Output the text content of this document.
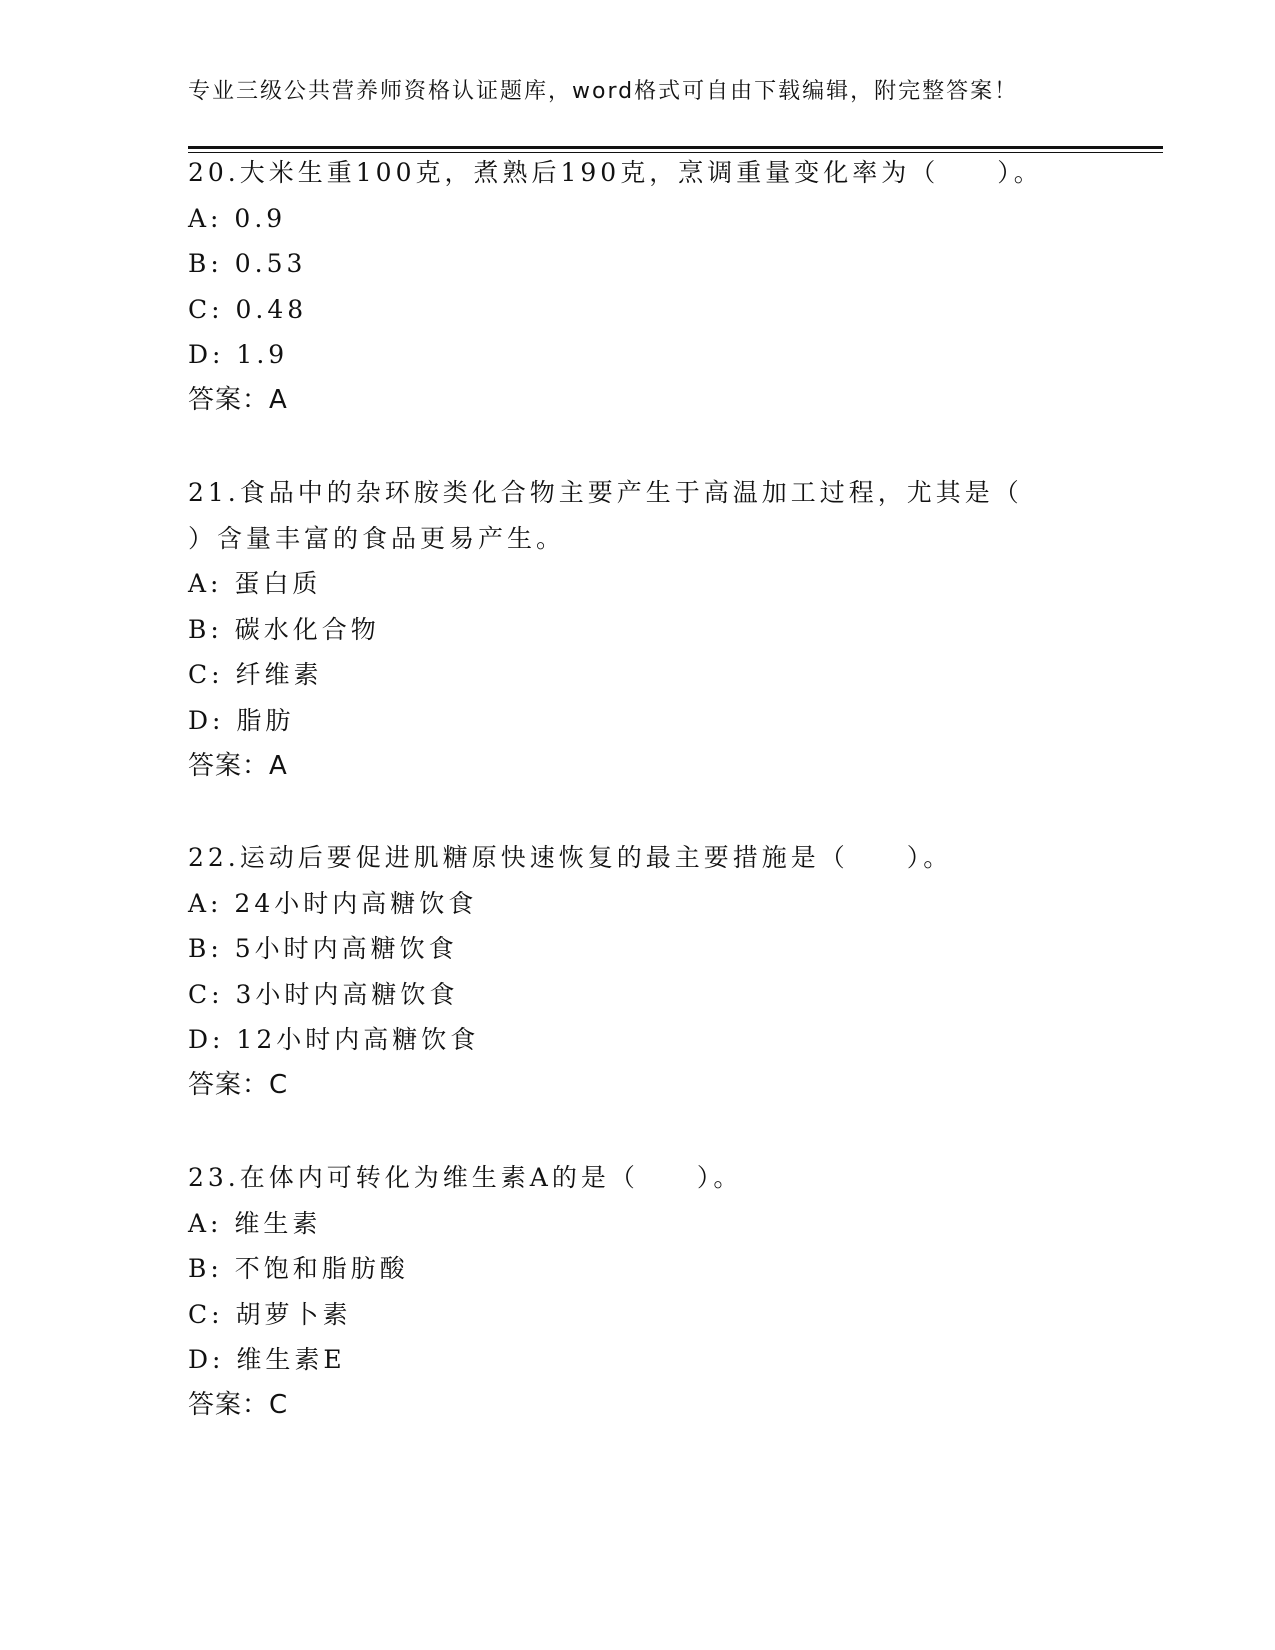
专业三级公共营养师资格认证题库，word格式可自由下载编辑，附完整答案！
20.大米生重100克，煮熟后190克，烹调重量变化率为（　　）。
A: 0.9
B: 0.53
C: 0.48
D: 1.9
答案：A
21.食品中的杂环胺类化合物主要产生于高温加工过程，尤其是（
）含量丰富的食品更易产生。
A: 蛋白质
B: 碳水化合物
C: 纤维素
D: 脂肪
答案：A
22.运动后要促进肌糖原快速恢复的最主要措施是（　　）。
A: 24小时内高糖饮食
B: 5小时内高糖饮食
C: 3小时内高糖饮食
D: 12小时内高糖饮食
答案：C
23.在体内可转化为维生素A的是（　　）。
A: 维生素
B: 不饱和脂肪酸
C: 胡萝卜素
D: 维生素E
答案：C
